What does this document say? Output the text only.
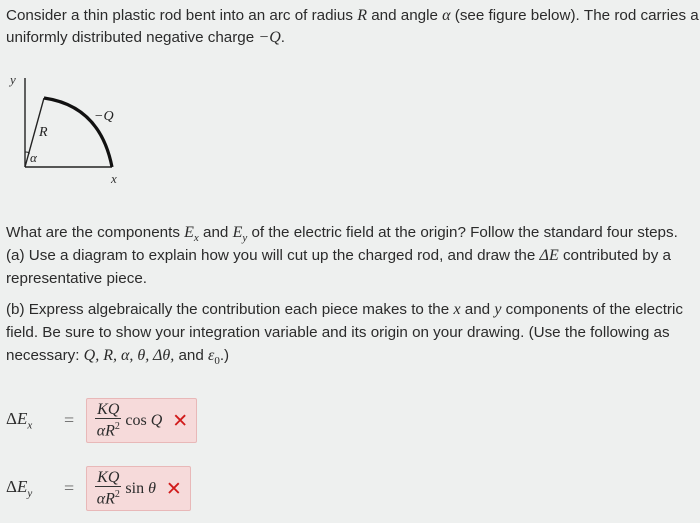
Consider a thin plastic rod bent into an arc of radius R and angle α (see figure below). The rod carries a

uniformly distributed negative charge −Q.

y
x
R
α
−Q

What are the components $E_x$ and $E_y$ of the electric field at the origin? Follow the standard four steps.

(a) Use a diagram to explain how you will cut up the charged rod, and draw the ΔE contributed by a

representative piece.

(b) Express algebraically the contribution each piece makes to the x and y components of the electric

field. Be sure to show your integration variable and its origin on your drawing. (Use the following as

necessary: Q, R, α, θ, Δθ, and $\varepsilon_0$.)

$\Delta E_x$	= $\frac{KQ}{\alpha R^2}$ cos Q ✕
$\Delta E_y$	= $\frac{KQ}{\alpha R^2}$ sin θ ✕
